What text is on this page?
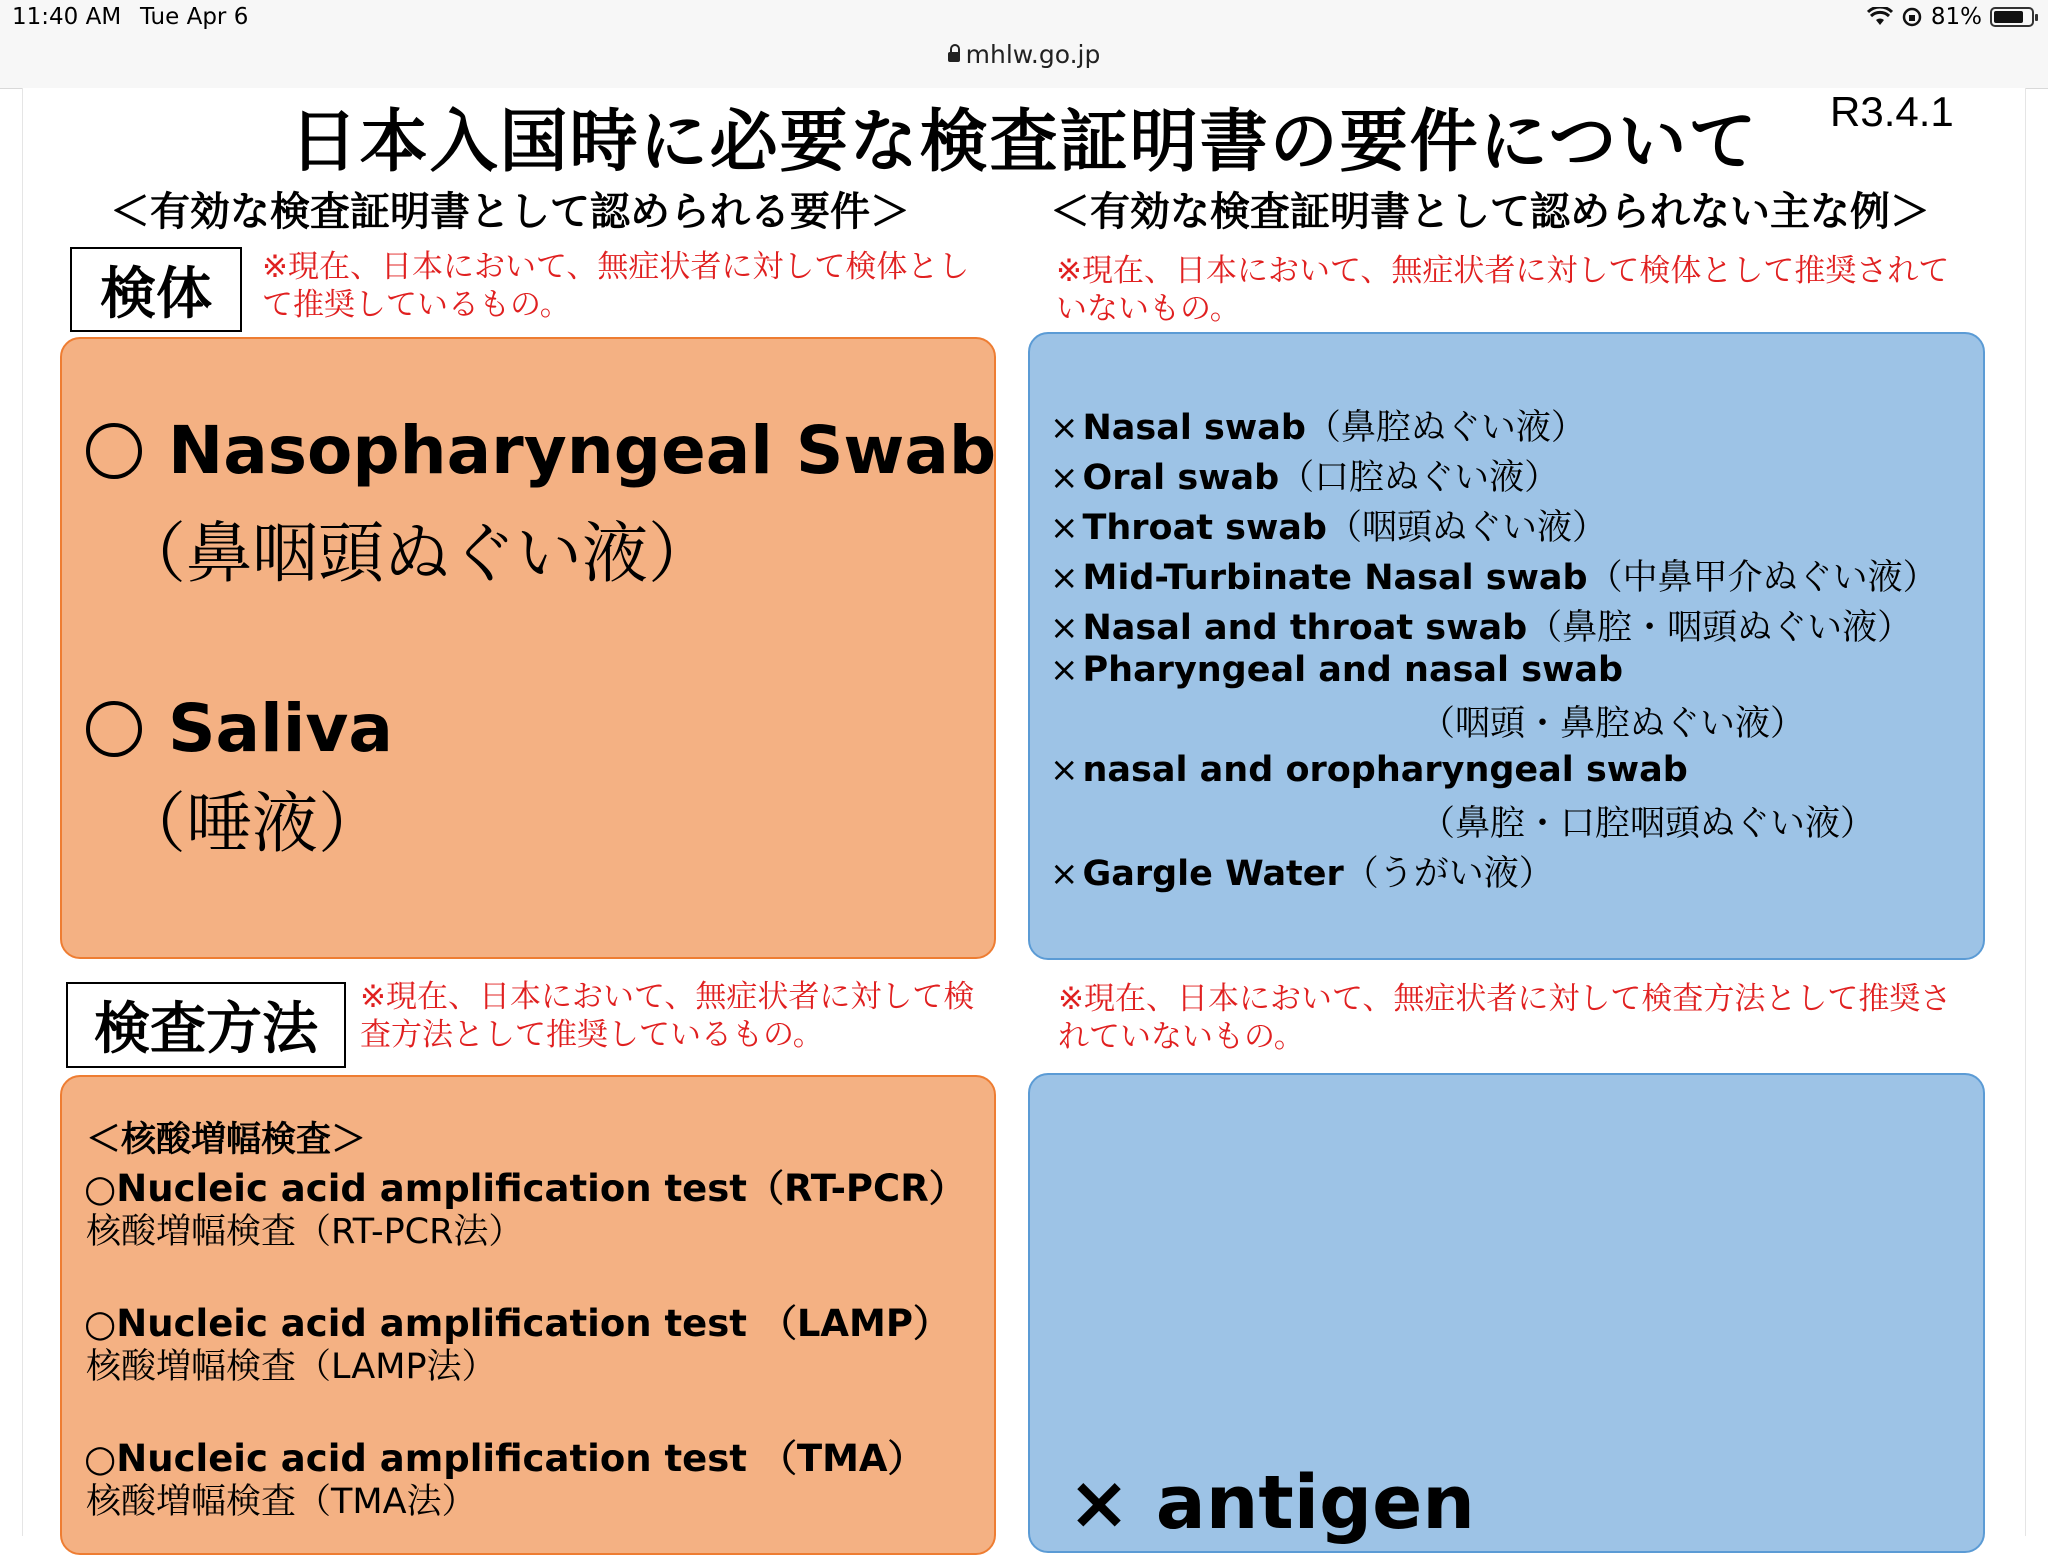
11:40 AM Tue Apr 6	81%
mhlw.go.jp
日本入国時に必要な検査証明書の要件について	R3.4.1
＜有効な検査証明書として認められる要件＞	＜有効な検査証明書として認められない主な例＞
検体	※現在、日本において、無症状者に対して検体として推奨しているもの。
※現在、日本において、無症状者に対して検体として推奨されていないもの。
Nasopharyngeal Swab
（鼻咽頭ぬぐい液）
Saliva
（唾液）
× Nasal swab（鼻腔ぬぐい液）
× Oral swab（口腔ぬぐい液）
× Throat swab（咽頭ぬぐい液）
× Mid-Turbinate Nasal swab（中鼻甲介ぬぐい液）
× Nasal and throat swab（鼻腔・咽頭ぬぐい液）
× Pharyngeal and nasal swab
（咽頭・鼻腔ぬぐい液）
× nasal and oropharyngeal swab
（鼻腔・口腔咽頭ぬぐい液）
× Gargle Water（うがい液）
検査方法	※現在、日本において、無症状者に対して検査方法として推奨しているもの。
※現在、日本において、無症状者に対して検査方法として推奨されていないもの。
＜核酸増幅検査＞
○Nucleic acid amplification test（RT-PCR）
核酸増幅検査（RT-PCR法）
○Nucleic acid amplification test （LAMP）
核酸増幅検査（LAMP法）
○Nucleic acid amplification test （TMA）
核酸増幅検査（TMA法）	× antigen
